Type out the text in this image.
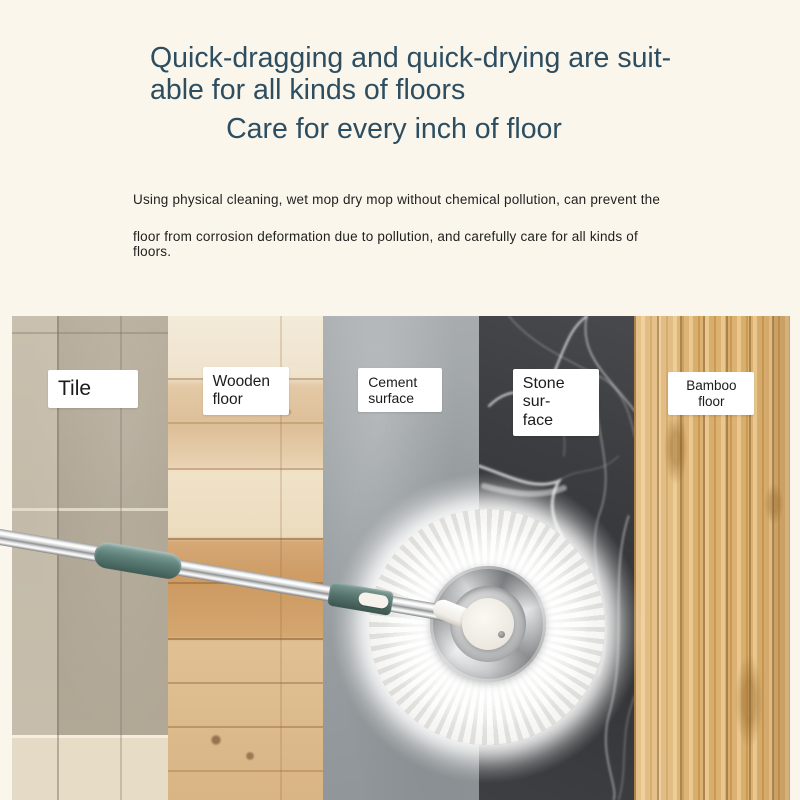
Quick-dragging and quick-drying are suit-
able for all kinds of floors
Care for every inch of floor
Using physical cleaning, wet mop dry mop without chemical pollution, can prevent the
floor from corrosion deformation due to pollution, and carefully care for all kinds of floors.
Tile	Wooden
floor
Cement
surface
Stone sur-
face
Bamboo floor
